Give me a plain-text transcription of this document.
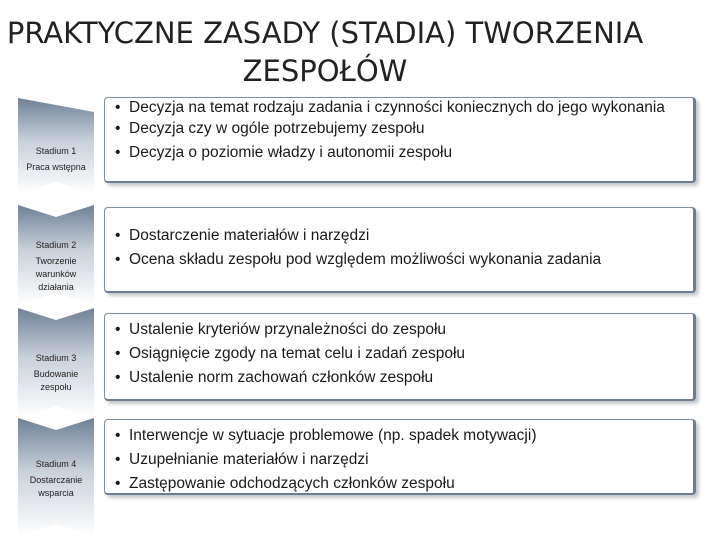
PRAKTYCZNE ZASADY (STADIA) TWORZENIA
ZESPOŁÓW
Stadium 1
Praca wstępna
• Decyzja na temat rodzaju zadania i czynności koniecznych do jego wykonania
• Decyzja czy w ogóle potrzebujemy zespołu
• Decyzja o poziomie władzy i autonomii zespołu
Stadium 2
Tworzenie warunków działania
• Dostarczenie materiałów i narzędzi
• Ocena składu zespołu pod względem możliwości wykonania zadania
Stadium 3
Budowanie zespołu
• Ustalenie kryteriów przynależności do zespołu
• Osiągnięcie zgody na temat celu i zadań zespołu
• Ustalenie norm zachowań członków zespołu
Stadium 4
Dostarczanie wsparcia
• Interwencje w sytuacje problemowe (np. spadek motywacji)
• Uzupełnianie materiałów i narzędzi
• Zastępowanie odchodzących członków zespołu
